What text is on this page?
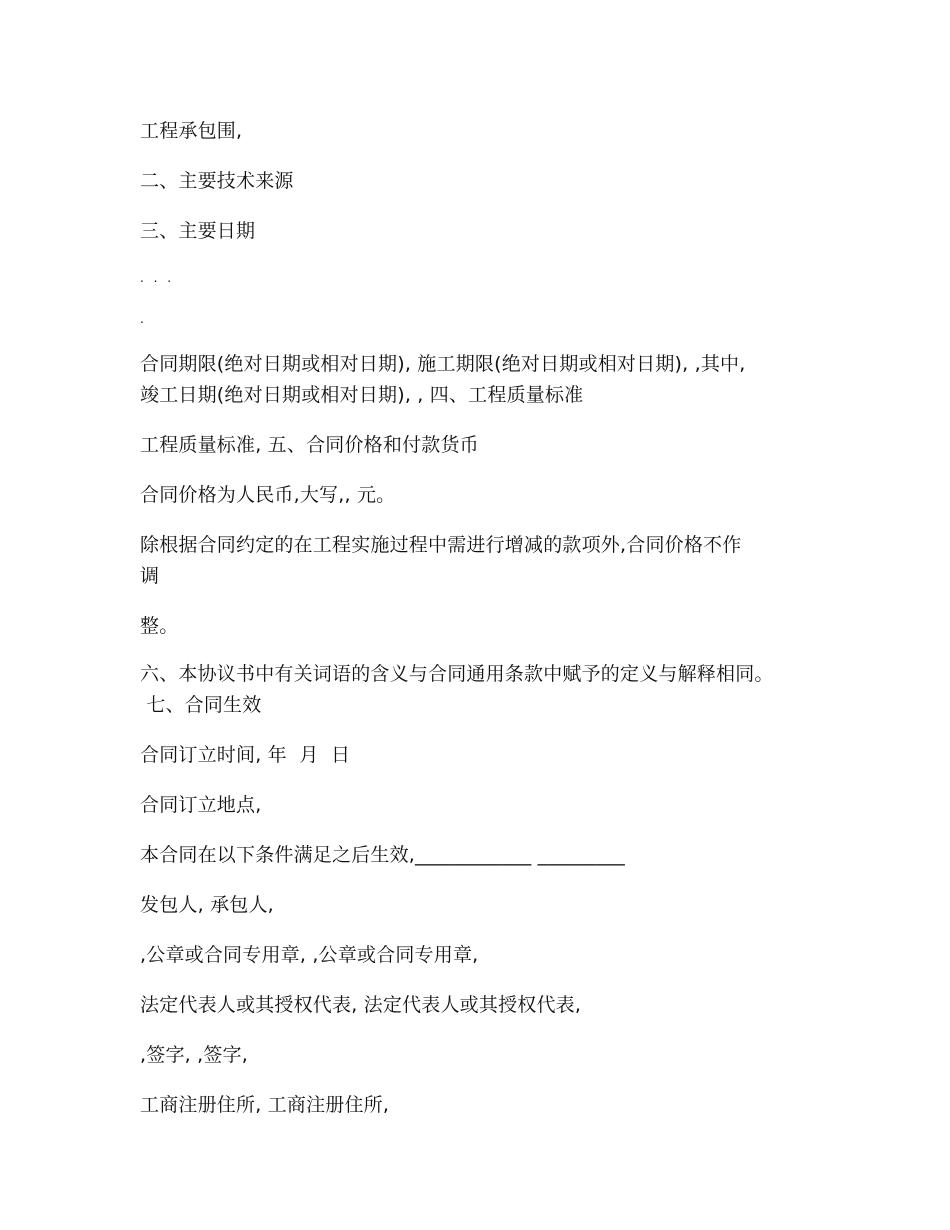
工程承包围,
二、主要技术来源
三、主要日期
. . .
.
合同期限(绝对日期或相对日期), 施工期限(绝对日期或相对日期), ,其中,
竣工日期(绝对日期或相对日期), , 四、工程质量标准
工程质量标准, 五、合同价格和付款货币
合同价格为人民币,大写,, 元。
除根据合同约定的在工程实施过程中需进行增减的款项外,合同价格不作
调
整。
六、本协议书中有关词语的含义与合同通用条款中赋予的定义与解释相同。
七、合同生效
合同订立时间, 年  月  日
合同订立地点,
本合同在以下条件满足之后生效,____________ _________
发包人, 承包人,
,公章或合同专用章, ,公章或合同专用章,
法定代表人或其授权代表, 法定代表人或其授权代表,
,签字, ,签字,
工商注册住所, 工商注册住所,
